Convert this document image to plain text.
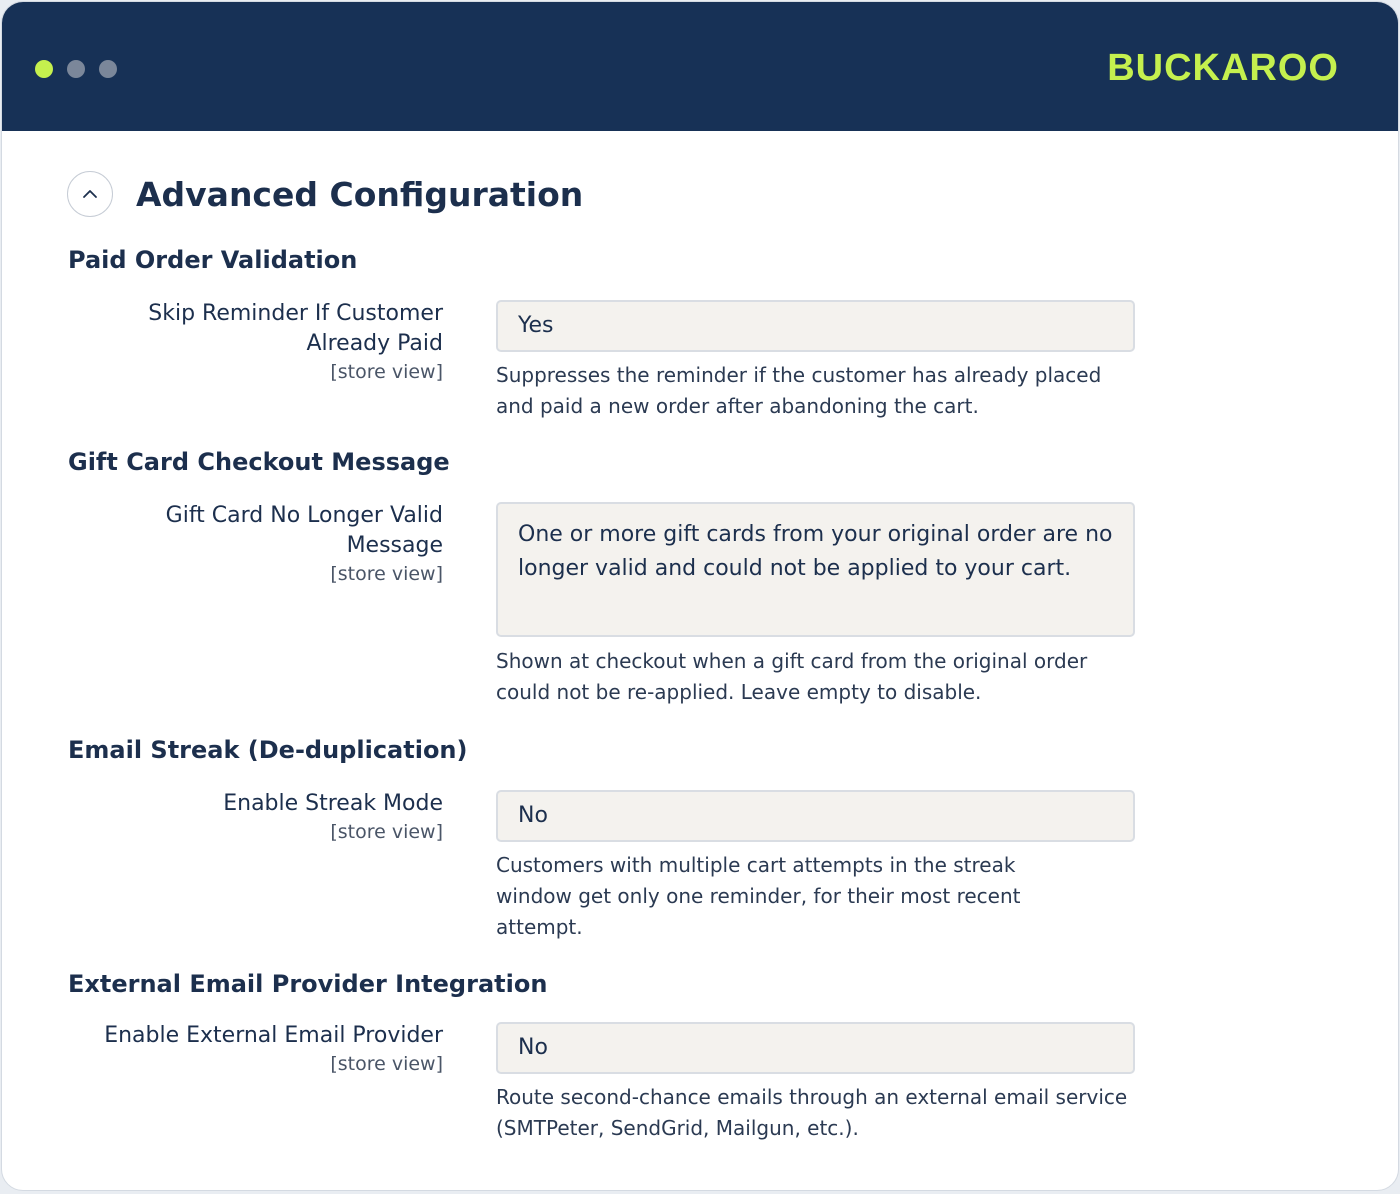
BUCKAROO
Advanced Configuration
Paid Order Validation
Skip Reminder If Customer Already Paid
[store view]
Yes
Suppresses the reminder if the customer has already placed and paid a new order after abandoning the cart.
Gift Card Checkout Message
Gift Card No Longer Valid Message
[store view]
One or more gift cards from your original order are no longer valid and could not be applied to your cart.
Shown at checkout when a gift card from the original order could not be re-applied. Leave empty to disable.
Email Streak (De-duplication)
Enable Streak Mode
[store view]
No
Customers with multiple cart attempts in the streak window get only one reminder, for their most recent attempt.
External Email Provider Integration
Enable External Email Provider
[store view]
No
Route second-chance emails through an external email service (SMTPeter, SendGrid, Mailgun, etc.).
